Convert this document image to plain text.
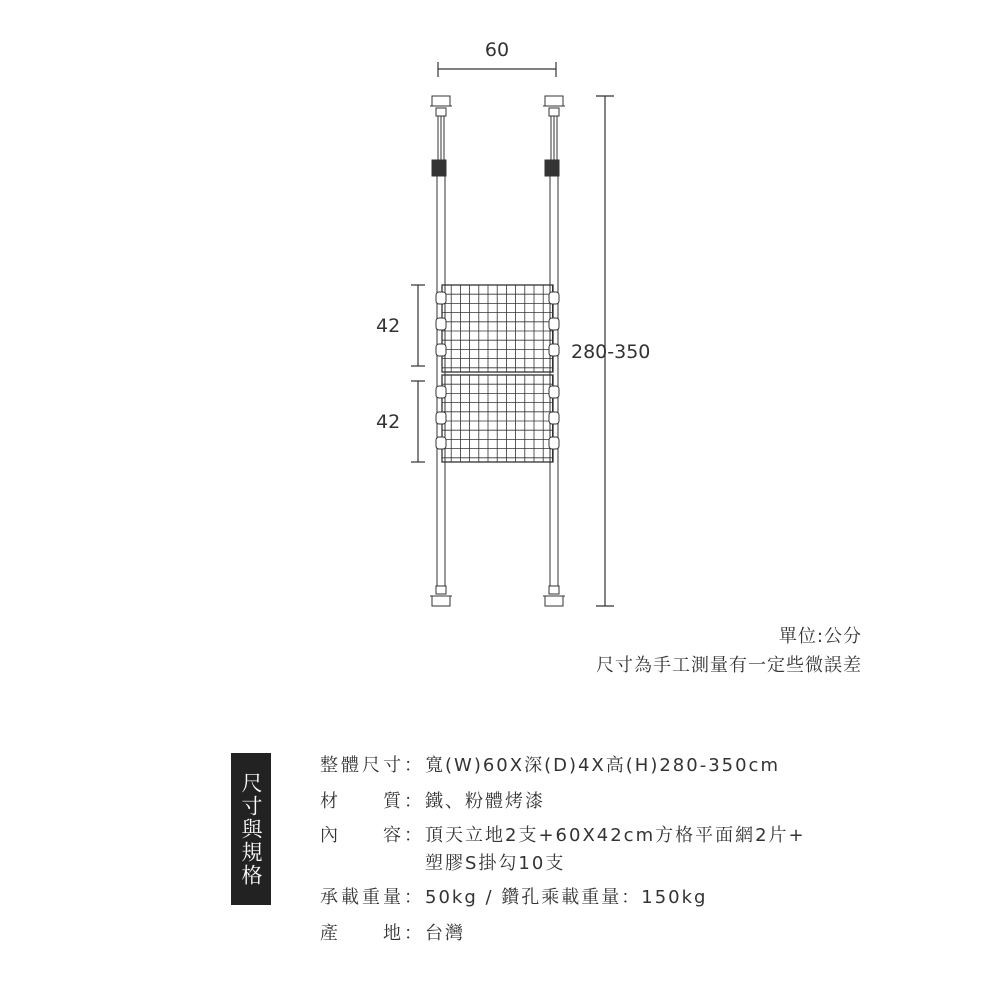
60
280-350
42
42
單位:公分
尺寸為手工測量有一定些微誤差
尺寸與規格
整體尺寸：寬(W)60X深(D)4X高(H)280-350cm
材　質：鐵、粉體烤漆
內　容：頂天立地2支+60X42cm方格平面網2片+
塑膠S掛勾10支
承載重量：50kg / 鑽孔乘載重量：150kg
產　地：台灣
